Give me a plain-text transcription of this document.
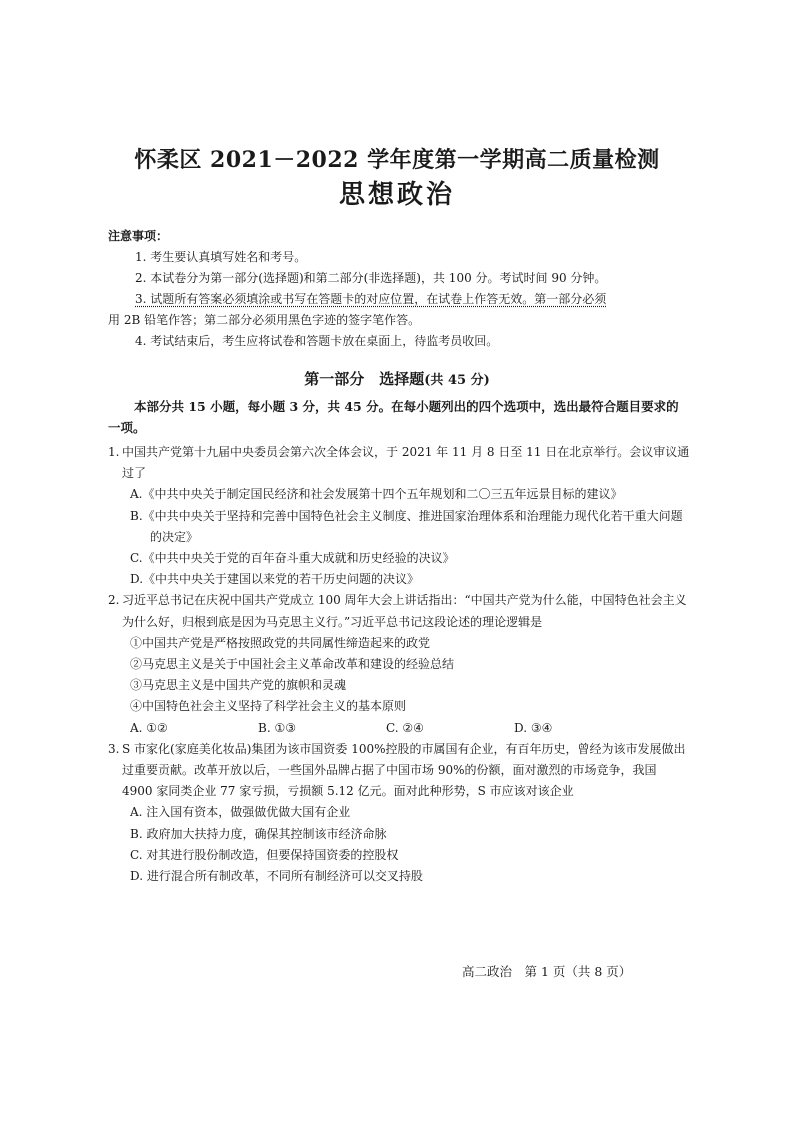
怀柔区 2021－2022 学年度第一学期高二质量检测
思想政治
注意事项：
1. 考生要认真填写姓名和考号。
2. 本试卷分为第一部分(选择题)和第二部分(非选择题)，共 100 分。考试时间 90 分钟。
3. 试题所有答案必须填涂或书写在答题卡的对应位置，在试卷上作答无效。第一部分必须
用 2B 铅笔作答；第二部分必须用黑色字迹的签字笔作答。
4. 考试结束后，考生应将试卷和答题卡放在桌面上，待监考员收回。
第一部分　选择题(共 45 分)
本部分共 15 小题，每小题 3 分，共 45 分。在每小题列出的四个选项中，选出最符合题目要求的一项。
1. 中国共产党第十九届中央委员会第六次全体会议，于 2021 年 11 月 8 日至 11 日在北京举行。会议审议通过了
A.《中共中央关于制定国民经济和社会发展第十四个五年规划和二〇三五年远景目标的建议》
B.《中共中央关于坚持和完善中国特色社会主义制度、推进国家治理体系和治理能力现代化若干重大问题的决定》
C.《中共中央关于党的百年奋斗重大成就和历史经验的决议》
D.《中共中央关于建国以来党的若干历史问题的决议》
2. 习近平总书记在庆祝中国共产党成立 100 周年大会上讲话指出：“中国共产党为什么能，中国特色社会主义为什么好，归根到底是因为马克思主义行。”习近平总书记这段论述的理论逻辑是
①中国共产党是严格按照政党的共同属性缔造起来的政党
②马克思主义是关于中国社会主义革命改革和建设的经验总结
③马克思主义是中国共产党的旗帜和灵魂
④中国特色社会主义坚持了科学社会主义的基本原则
A. ①②	B. ①③	C. ②④	D. ③④
3. S 市家化(家庭美化妆品)集团为该市国资委 100%控股的市属国有企业，有百年历史，曾经为该市发展做出过重要贡献。改革开放以后，一些国外品牌占据了中国市场 90%的份额，面对激烈的市场竞争，我国 4900 家同类企业 77 家亏损，亏损额 5.12 亿元。面对此种形势，S 市应该对该企业
A. 注入国有资本，做强做优做大国有企业
B. 政府加大扶持力度，确保其控制该市经济命脉
C. 对其进行股份制改造，但要保持国资委的控股权
D. 进行混合所有制改革，不同所有制经济可以交叉持股
高二政治　第 1 页（共 8 页）
